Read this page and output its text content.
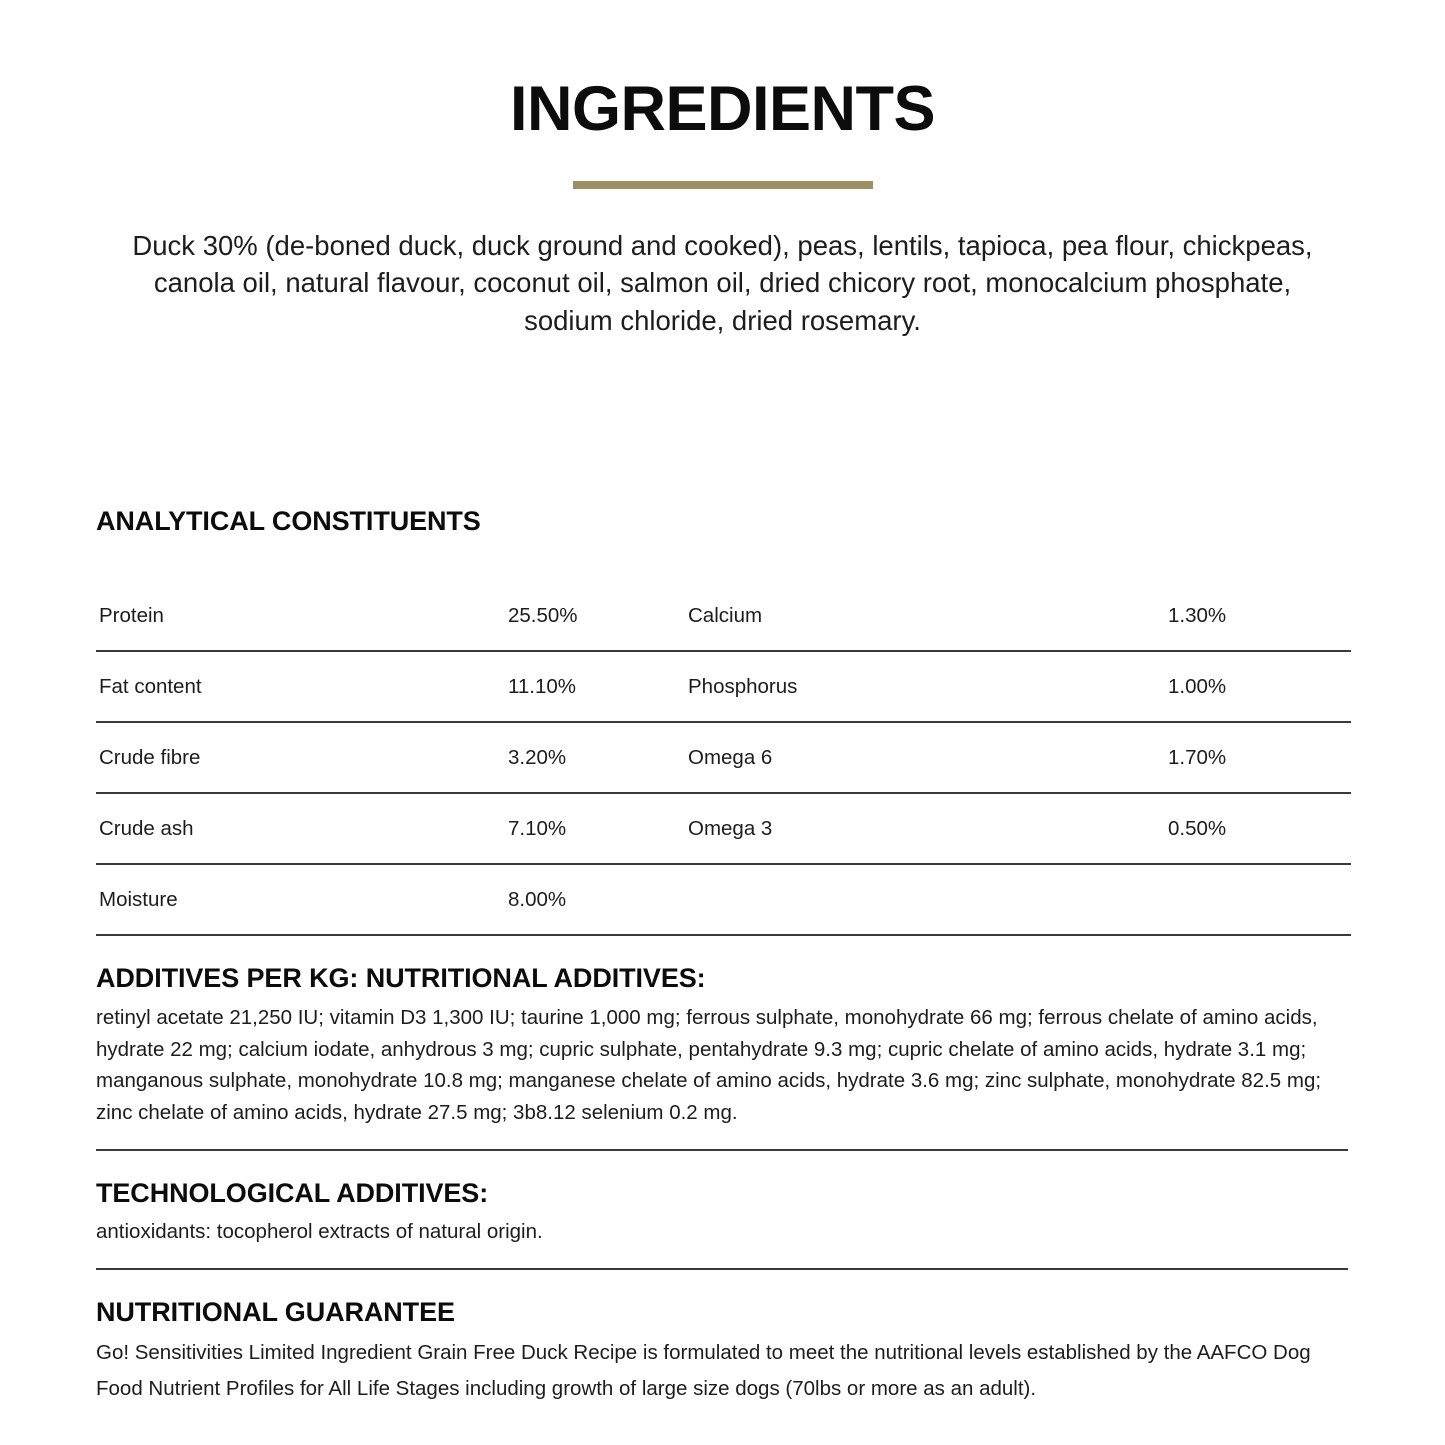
INGREDIENTS

Duck 30% (de-boned duck, duck ground and cooked), peas, lentils, tapioca, pea flour, chickpeas, canola oil, natural flavour, coconut oil, salmon oil, dried chicory root, monocalcium phosphate, sodium chloride, dried rosemary.

ANALYTICAL CONSTITUENTS
Protein	25.50%	Calcium	1.30%
Fat content	11.10%	Phosphorus	1.00%
Crude fibre	3.20%	Omega 6	1.70%
Crude ash	7.10%	Omega 3	0.50%
Moisture	8.00%		
ADDITIVES PER KG: NUTRITIONAL ADDITIVES:

retinyl acetate 21,250 IU; vitamin D3 1,300 IU; taurine 1,000 mg; ferrous sulphate, monohydrate 66 mg; ferrous chelate of amino acids, hydrate 22 mg; calcium iodate, anhydrous 3 mg; cupric sulphate, pentahydrate 9.3 mg; cupric chelate of amino acids, hydrate 3.1 mg; manganous sulphate, monohydrate 10.8 mg; manganese chelate of amino acids, hydrate 3.6 mg; zinc sulphate, monohydrate 82.5 mg; zinc chelate of amino acids, hydrate 27.5 mg; 3b8.12 selenium 0.2 mg.

TECHNOLOGICAL ADDITIVES:

antioxidants: tocopherol extracts of natural origin.

NUTRITIONAL GUARANTEE

Go! Sensitivities Limited Ingredient Grain Free Duck Recipe is formulated to meet the nutritional levels established by the AAFCO Dog Food Nutrient Profiles for All Life Stages including growth of large size dogs (70lbs or more as an adult).
